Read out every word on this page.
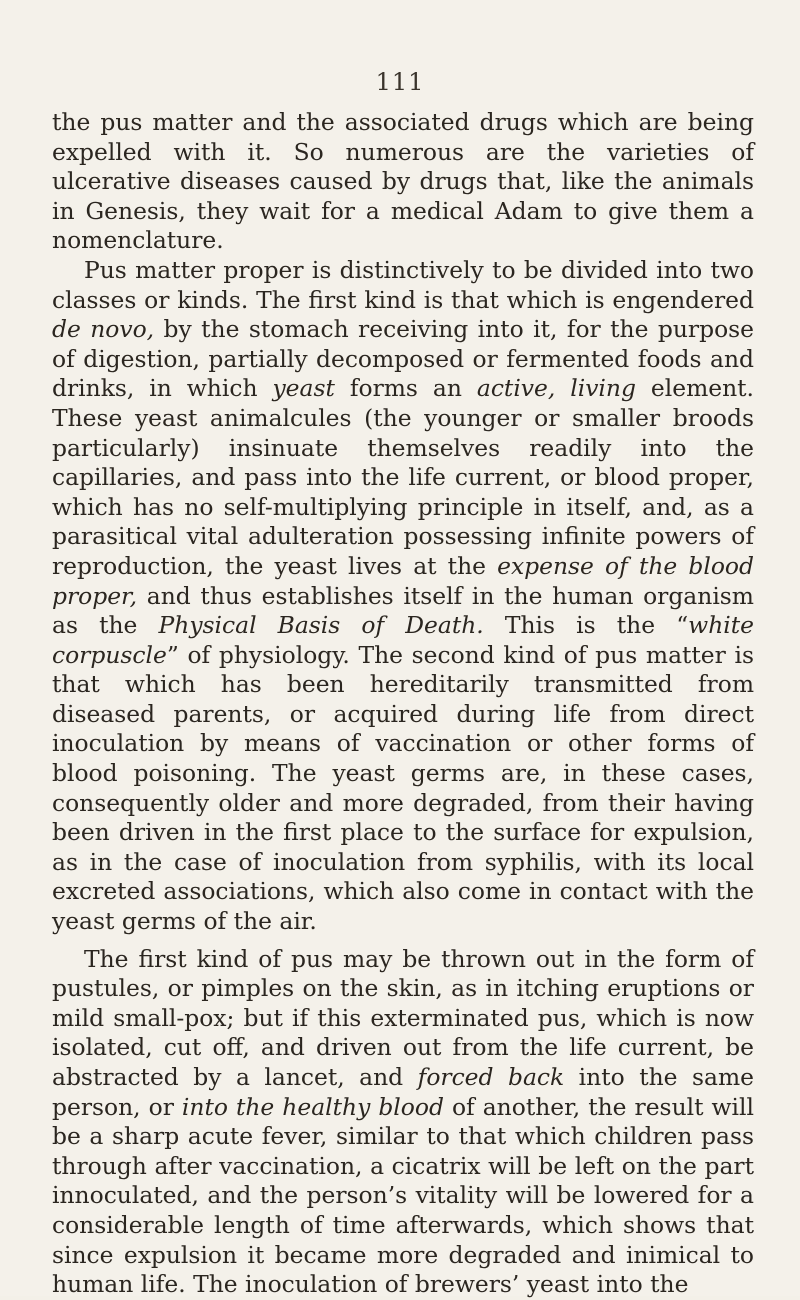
111

the pus matter and the associated drugs which are being expelled with it. So numerous are the varieties of ulcerative diseases caused by drugs that, like the animals in Genesis, they wait for a medical Adam to give them a nomenclature.

Pus matter proper is distinctively to be divided into two classes or kinds. The first kind is that which is engendered de novo, by the stomach receiving into it, for the purpose of digestion, partially decomposed or fermented foods and drinks, in which yeast forms an active, living element. These yeast animalcules (the younger or smaller broods particularly) insinuate themselves readily into the capillaries, and pass into the life current, or blood proper, which has no self-multiplying principle in itself, and, as a parasitical vital adulteration possessing infinite powers of reproduction, the yeast lives at the expense of the blood proper, and thus establishes itself in the human organism as the Physical Basis of Death. This is the “white corpuscle” of physiology. The second kind of pus matter is that which has been hereditarily transmitted from diseased parents, or acquired during life from direct inoculation by means of vaccination or other forms of blood poisoning. The yeast germs are, in these cases, consequently older and more degraded, from their having been driven in the first place to the surface for expulsion, as in the case of inoculation from syphilis, with its local excreted associations, which also come in contact with the yeast germs of the air.

The first kind of pus may be thrown out in the form of pustules, or pimples on the skin, as in itching eruptions or mild small-pox; but if this exterminated pus, which is now isolated, cut off, and driven out from the life current, be abstracted by a lancet, and forced back into the same person, or into the healthy blood of another, the result will be a sharp acute fever, similar to that which children pass through after vaccination, a cicatrix will be left on the part innoculated, and the person’s vitality will be lowered for a considerable length of time afterwards, which shows that since expulsion it became more degraded and inimical to human life. The inoculation of brewers’ yeast into the
